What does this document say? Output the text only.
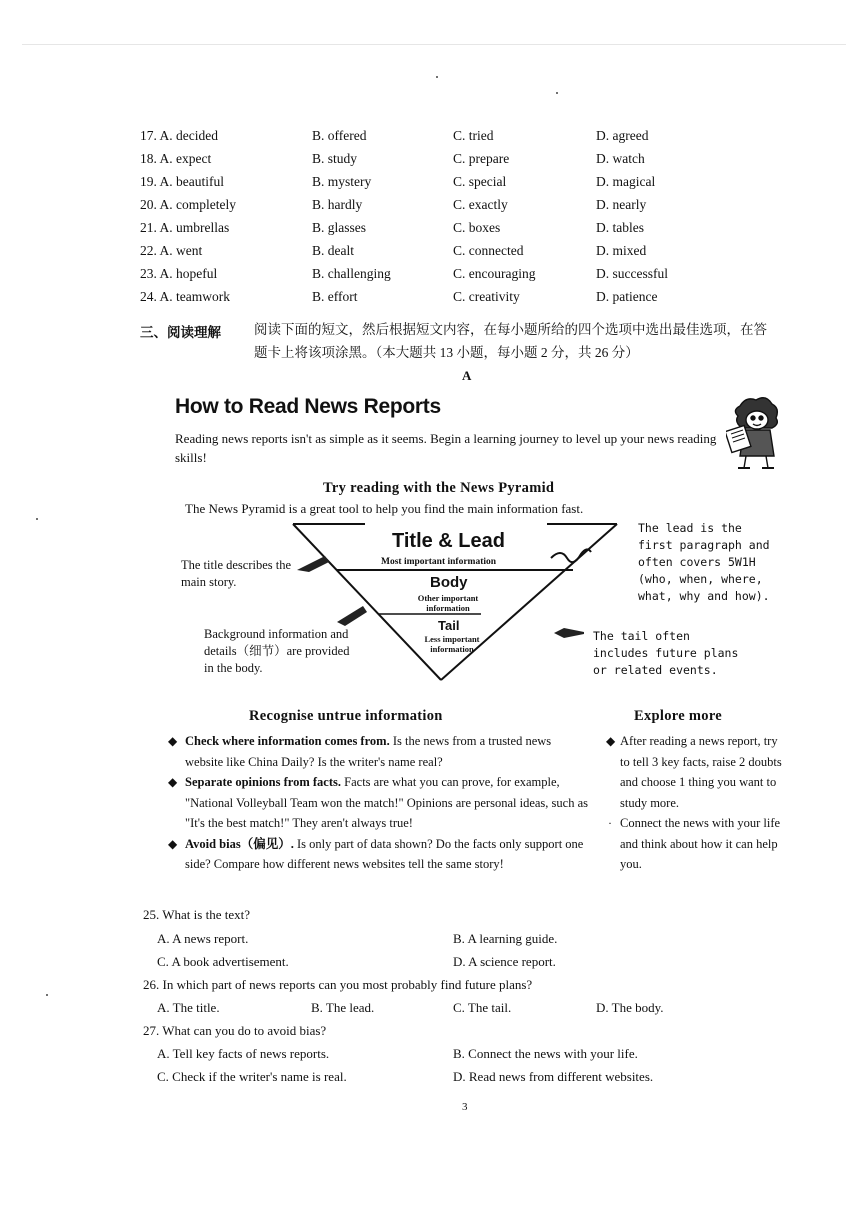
17. A. decided	B. offered	C. tried	D. agreed
18. A. expect	B. study	C. prepare	D. watch
19. A. beautiful	B. mystery	C. special	D. magical
20. A. completely	B. hardly	C. exactly	D. nearly
21. A. umbrellas	B. glasses	C. boxes	D. tables
22. A. went	B. dealt	C. connected	D. mixed
23. A. hopeful	B. challenging	C. encouraging	D. successful
24. A. teamwork	B. effort	C. creativity	D. patience
三、阅读理解 阅读下面的短文，然后根据短文内容，在每小题所给的四个选项中选出最佳选项，在答
题卡上将该项涂黑。（本大题共 13 小题，每小题 2 分，共 26 分）
A
How to Read News Reports
Reading news reports isn't as simple as it seems. Begin a learning journey to level up your news reading skills!
Try reading with the News Pyramid
The News Pyramid is a great tool to help you find the main information fast.
Title & Lead
Most important information
Body
Other important
information
Tail
Less important
information
The title describes the main story.
The lead is the first paragraph and often covers 5W1H (who, when, where, what, why and how).
Background information and details（细节）are provided in the body.
The tail often includes future plans or related events.
Recognise untrue information
◆ Check where information comes from. Is the news from a trusted news website like China Daily? Is the writer's name real?
◆ Separate opinions from facts. Facts are what you can prove, for example, "National Volleyball Team won the match!" Opinions are personal ideas, such as "It's the best match!" They aren't always true!
◆ Avoid bias（偏见）. Is only part of data shown? Do the facts only support one side? Compare how different news websites tell the same story!
Explore more
◆ After reading a news report, try to tell 3 key facts, raise 2 doubts and choose 1 thing you want to study more.
· Connect the news with your life and think about how it can help you.
25. What is the text?
A. A news report.	B. A learning guide.
C. A book advertisement.	D. A science report.
26. In which part of news reports can you most probably find future plans?
A. The title.	B. The lead.	C. The tail.	D. The body.
27. What can you do to avoid bias?
A. Tell key facts of news reports.	B. Connect the news with your life.
C. Check if the writer's name is real.	D. Read news from different websites.
3
